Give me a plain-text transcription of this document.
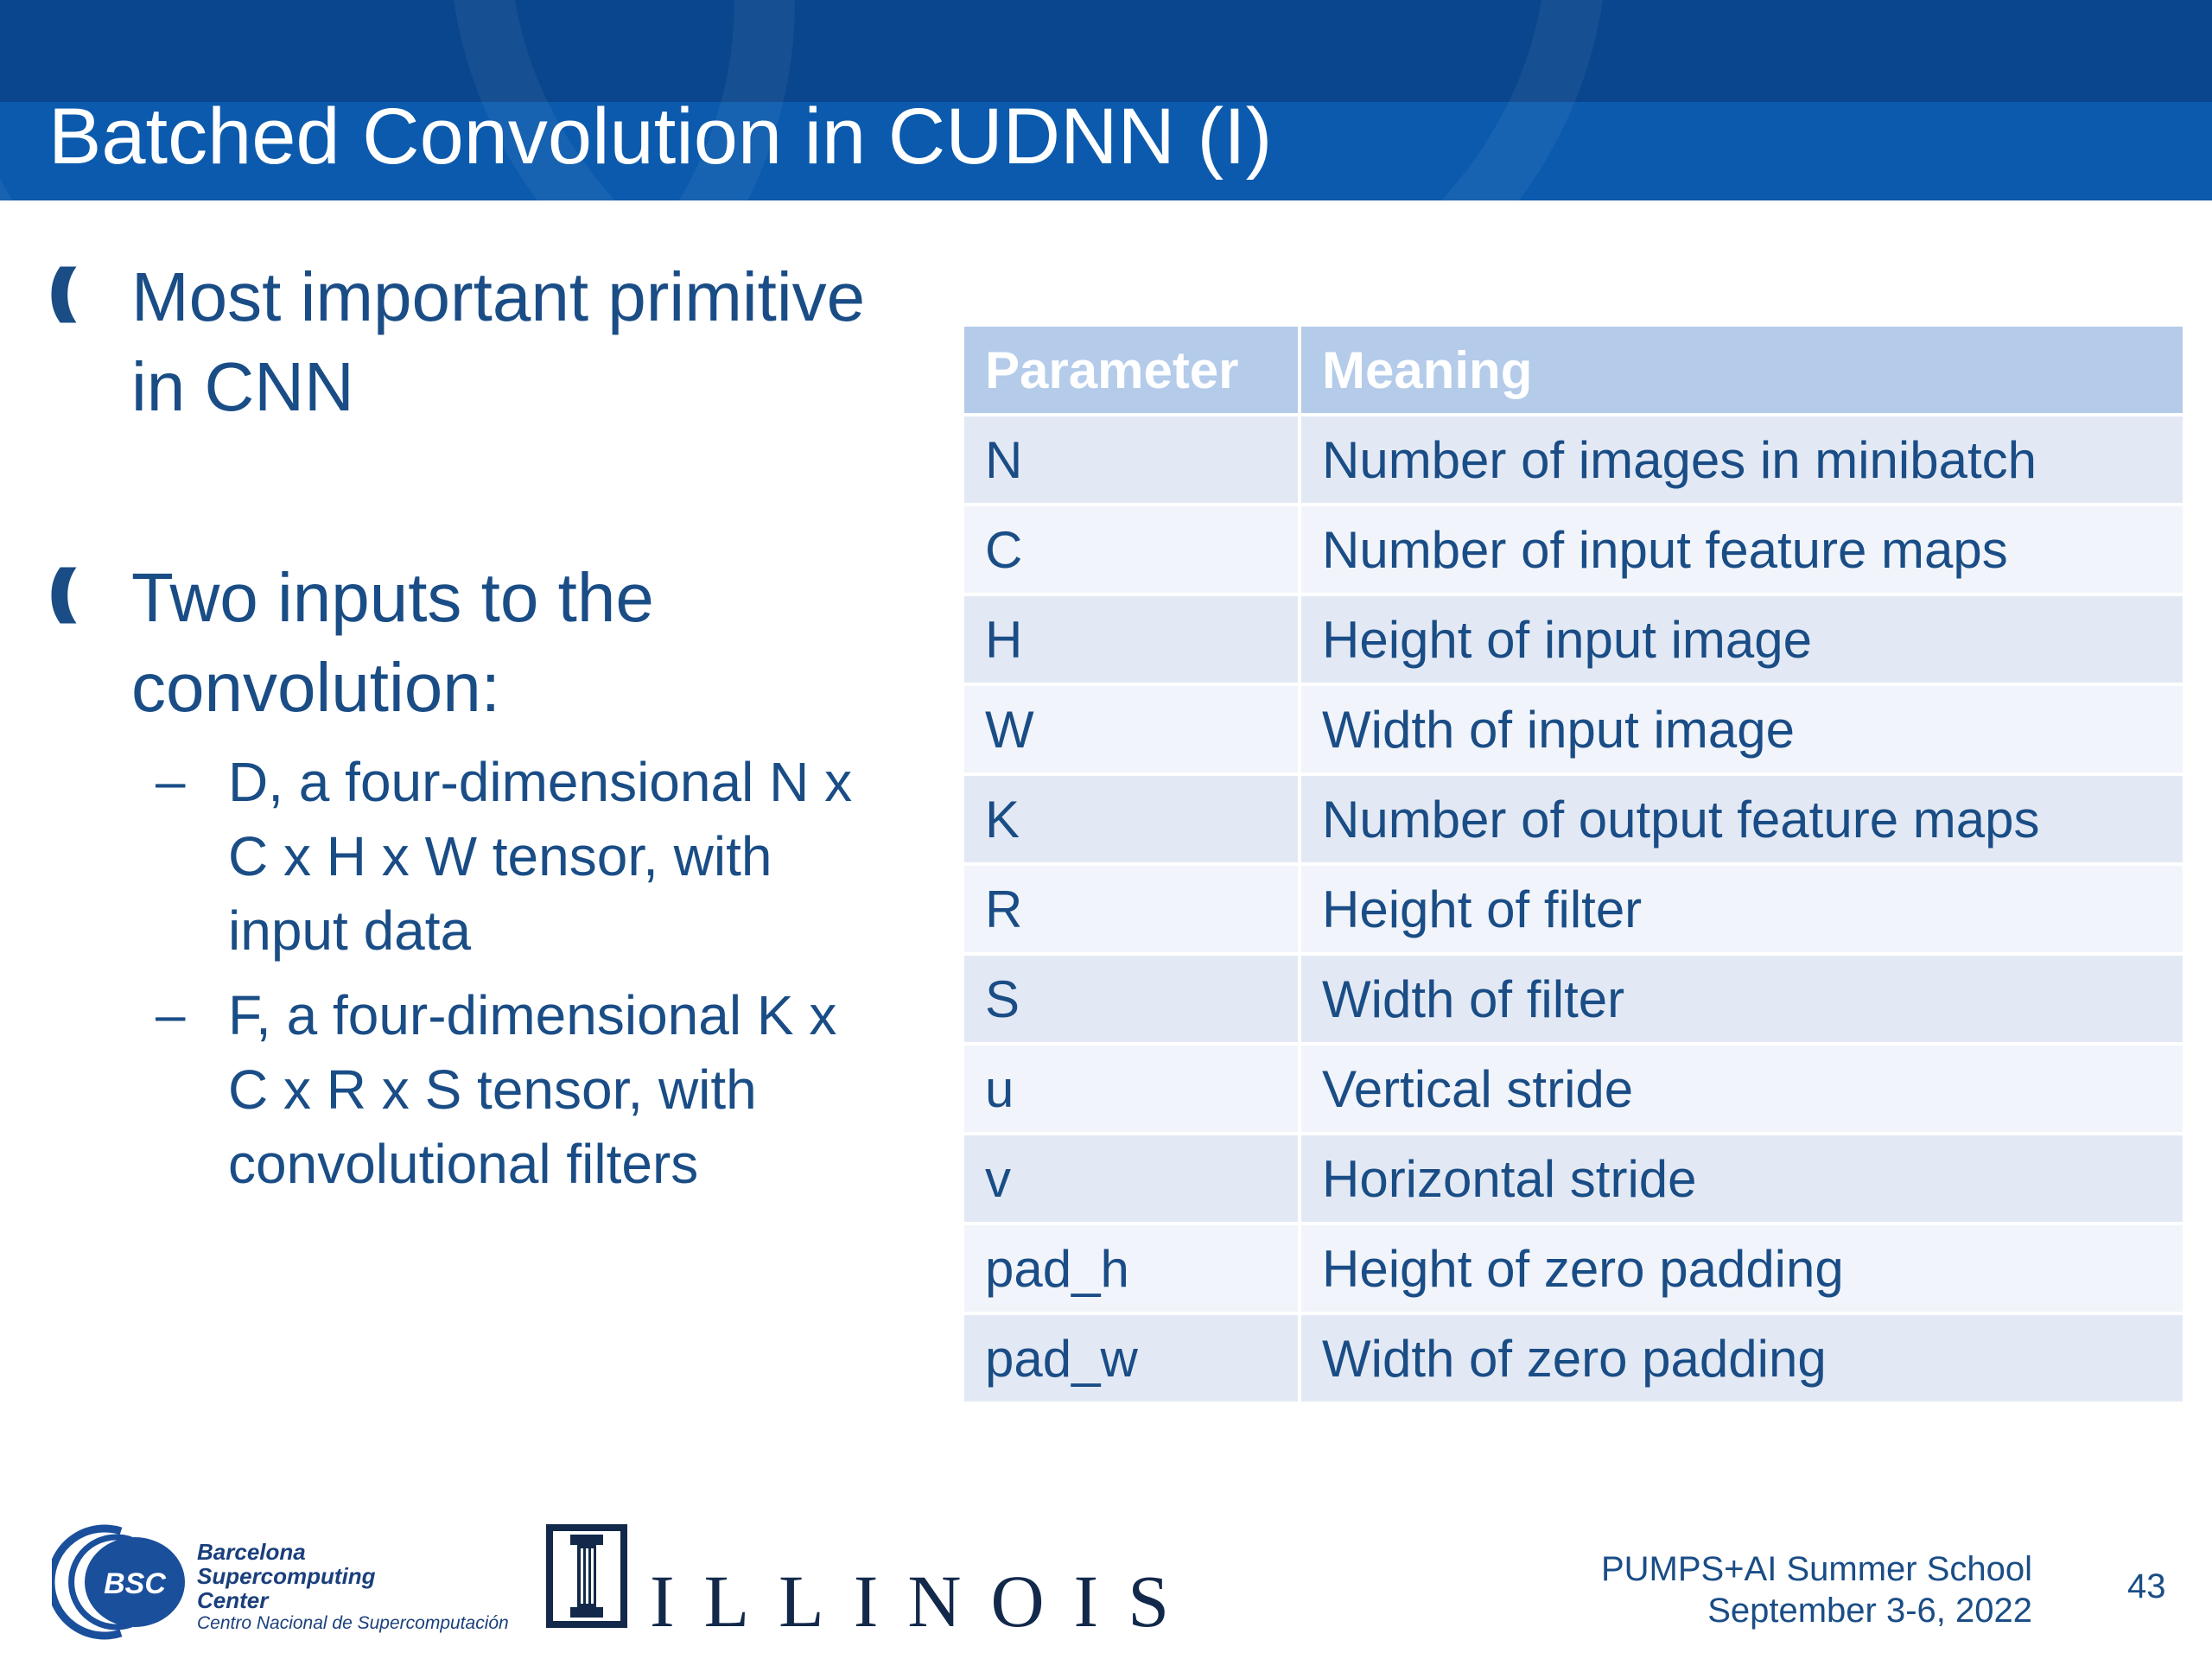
Batched Convolution in CUDNN (I)
(( Most important primitive
in CNN
(( Two inputs to the
convolution:
– D, a four-dimensional N x
C x H x W tensor, with
input data
– F, a four-dimensional K x
C x R x S tensor, with
convolutional filters
Parameter	Meaning
N	Number of images in minibatch
C	Number of input feature maps
H	Height of input image
W	Width of input image
K	Number of output feature maps
R	Height of filter
S	Width of filter
u	Vertical stride
v	Horizontal stride
pad_h	Height of zero padding
pad_w	Width of zero padding
BSC
Barcelona
Supercomputing
Center
Centro Nacional de Supercomputación ILLINOIS	PUMPS+AI Summer School
September 3-6, 2022
43
